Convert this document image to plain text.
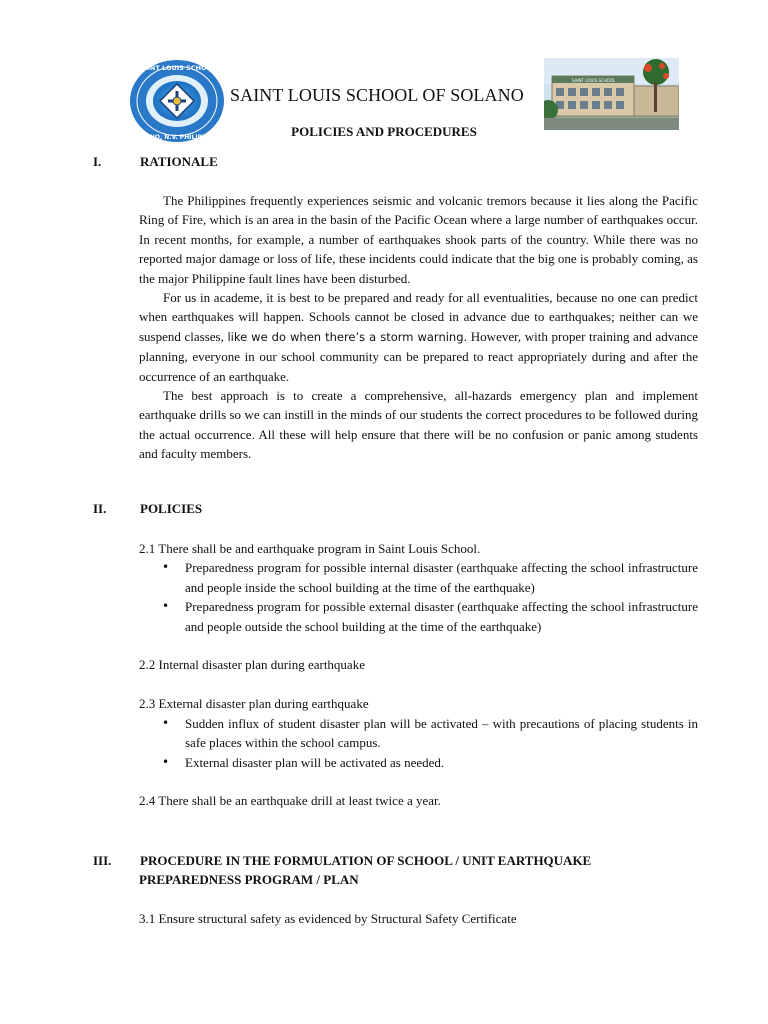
SAINT LOUIS SCHOOL
SOLANO, N.V. PHILIPPINES
SAINT LOUIS SCHOOL OF SOLANO
SAINT LOUIS SCHOOL
POLICIES AND PROCEDURES
I.	RATIONALE

The Philippines frequently experiences seismic and volcanic tremors because it lies along the Pacific Ring of Fire, which is an area in the basin of the Pacific Ocean where a large number of earthquakes occur. In recent months, for example, a number of earthquakes shook parts of the country. While there was no reported major damage or loss of life, these incidents could indicate that the big one is probably coming, as the major Philippine fault lines have been disturbed.

For us in academe, it is best to be prepared and ready for all eventualities, because no one can predict when earthquakes will happen. Schools cannot be closed in advance due to earthquakes; neither can we suspend classes, like we do when there’s a storm warning. However, with proper training and advance planning, everyone in our school community can be prepared to react appropriately during and after the occurrence of an earthquake.

The best approach is to create a comprehensive, all-hazards emergency plan and implement earthquake drills so we can instill in the minds of our students the correct procedures to be followed during the actual occurrence. All these will help ensure that there will be no confusion or panic among students and faculty members.

II.	POLICIES

2.1 There shall be and earthquake program in Saint Louis School.

• Preparedness program for possible internal disaster (earthquake affecting the school infrastructure and people inside the school building at the time of the earthquake)
• Preparedness program for possible external disaster (earthquake affecting the school infrastructure and people outside the school building at the time of the earthquake)

2.2 Internal disaster plan during earthquake

2.3 External disaster plan during earthquake

• Sudden influx of student disaster plan will be activated – with precautions of placing students in safe places within the school campus.
• External disaster plan will be activated as needed.

2.4 There shall be an earthquake drill at least twice a year.

III. PROCEDURE IN THE FORMULATION OF SCHOOL / UNIT EARTHQUAKE
PREPAREDNESS PROGRAM / PLAN

3.1 Ensure structural safety as evidenced by Structural Safety Certificate
